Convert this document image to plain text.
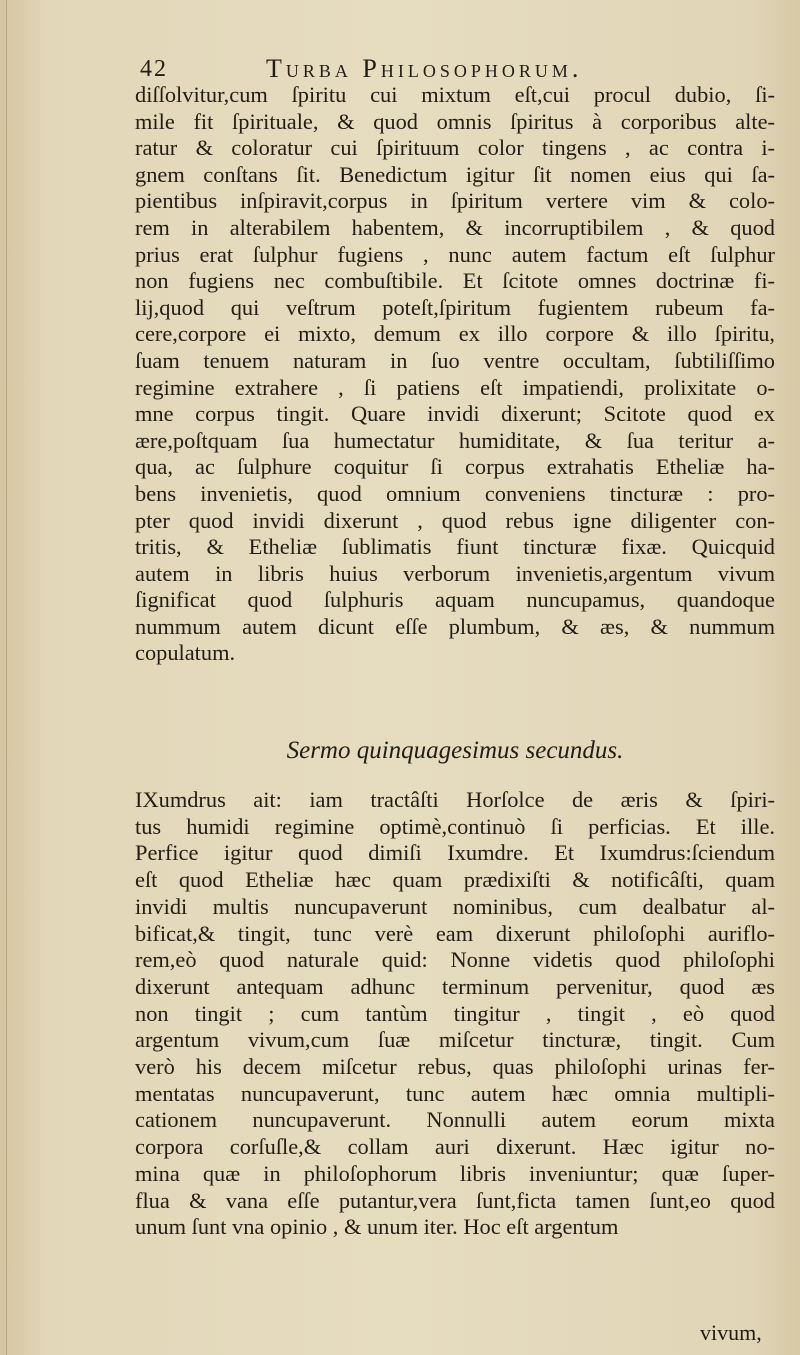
42	Turba Philosophorum.
diſſolvitur,cum ſpiritu cui mixtum eſt,cui procul dubio, ſi-
mile fit ſpirituale, & quod omnis ſpiritus à corporibus alte-
ratur & coloratur cui ſpirituum color tingens , ac contra i-
gnem conſtans ſit. Benedictum igitur ſit nomen eius qui ſa-
pientibus inſpiravit,corpus in ſpiritum vertere vim & colo-
rem in alterabilem habentem, & incorruptibilem , & quod
prius erat ſulphur fugiens , nunc autem factum eſt ſulphur
non fugiens nec combuſtibile. Et ſcitote omnes doctrinæ fi-
lij,quod qui veſtrum poteſt,ſpiritum fugientem rubeum fa-
cere,corpore ei mixto, demum ex illo corpore & illo ſpiritu,
ſuam tenuem naturam in ſuo ventre occultam, ſubtiliſſimo
regimine extrahere , ſi patiens eſt impatiendi, prolixitate o-
mne corpus tingit. Quare invidi dixerunt; Scitote quod ex
ære,poſtquam ſua humectatur humiditate, & ſua teritur a-
qua, ac ſulphure coquitur ſi corpus extrahatis Etheliæ ha-
bens invenietis, quod omnium conveniens tincturæ : pro-
pter quod invidi dixerunt , quod rebus igne diligenter con-
tritis, & Etheliæ ſublimatis fiunt tincturæ fixæ. Quicquid
autem in libris huius verborum invenietis,argentum vivum
ſignificat quod ſulphuris aquam nuncupamus, quandoque
nummum autem dicunt eſſe plumbum, & æs, & nummum
copulatum.
Sermo quinquagesimus secundus.
IXumdrus ait: iam tractâſti Horſolce de æris & ſpiri-
tus humidi regimine optimè,continuò ſi perficias. Et ille.
Perfice igitur quod dimiſi Ixumdre. Et Ixumdrus:ſciendum
eſt quod Etheliæ hæc quam prædixiſti & notificâſti, quam
invidi multis nuncupaverunt nominibus, cum dealbatur al-
bificat,& tingit, tunc verè eam dixerunt philoſophi auriflo-
rem,eò quod naturale quid: Nonne videtis quod philoſophi
dixerunt antequam adhunc terminum pervenitur, quod æs
non tingit ; cum tantùm tingitur , tingit , eò quod
argentum vivum,cum ſuæ miſcetur tincturæ, tingit. Cum
verò his decem miſcetur rebus, quas philoſophi urinas fer-
mentatas nuncupaverunt, tunc autem hæc omnia multipli-
cationem nuncupaverunt. Nonnulli autem eorum mixta
corpora corſuſle,& collam auri dixerunt. Hæc igitur no-
mina quæ in philoſophorum libris inveniuntur; quæ ſuper-
flua & vana eſſe putantur,vera ſunt,ficta tamen ſunt,eo quod
unum ſunt vna opinio , & unum iter. Hoc eſt argentum
vivum,
